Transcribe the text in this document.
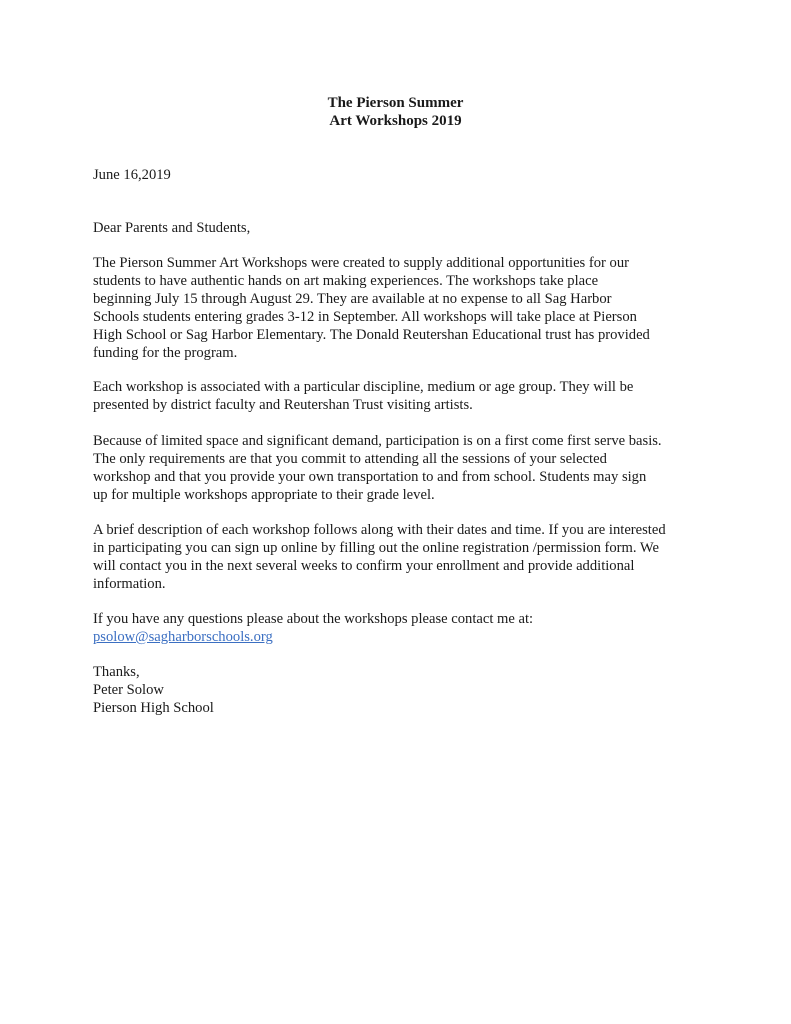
The Pierson Summer
Art Workshops 2019

June 16,2019

Dear Parents and Students,

The Pierson Summer Art Workshops were created to supply additional opportunities for our
students to have authentic hands on art making experiences. The workshops take place
beginning July 15 through August 29. They are available at no expense to all Sag Harbor
Schools students entering grades 3-12 in September. All workshops will take place at Pierson
High School or Sag Harbor Elementary. The Donald Reutershan Educational trust has provided
funding for the program.

Each workshop is associated with a particular discipline, medium or age group. They will be
presented by district faculty and Reutershan Trust visiting artists.

Because of limited space and significant demand, participation is on a first come first serve basis.
The only requirements are that you commit to attending all the sessions of your selected
workshop and that you provide your own transportation to and from school. Students may sign
up for multiple workshops appropriate to their grade level.

A brief description of each workshop follows along with their dates and time. If you are interested
in participating you can sign up online by filling out the online registration /permission form. We
will contact you in the next several weeks to confirm your enrollment and provide additional
information.

If you have any questions please about the workshops please contact me at:
psolow@sagharborschools.org

Thanks,
Peter Solow
Pierson High School
